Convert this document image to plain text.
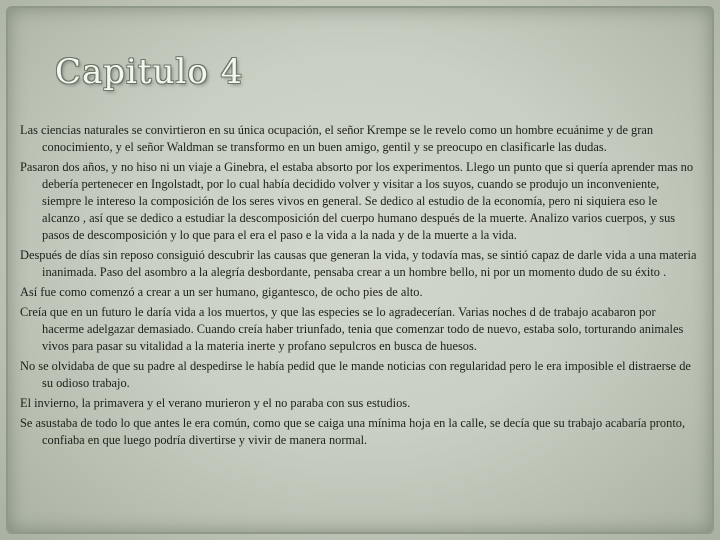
Capitulo 4

Las ciencias naturales se convirtieron en su única ocupación, el señor Krempe se le revelo como un hombre ecuánime y de gran conocimiento, y el señor Waldman se transformo en un buen amigo, gentil y se preocupo en clasificarle las dudas.

Pasaron dos años, y no hiso ni un viaje a Ginebra, el estaba absorto por los experimentos. Llego un punto que si quería aprender mas no debería pertenecer en Ingolstadt, por lo cual había decidido volver y visitar a los suyos, cuando se produjo un inconveniente, siempre le intereso la composición de los seres vivos en general. Se dedico al estudio de la economía, pero ni siquiera eso le alcanzo , así que se dedico a estudiar la descomposición del cuerpo humano después de la muerte. Analizo varios cuerpos, y sus pasos de descomposición y lo que para el era el paso e la vida a la nada y de la muerte a la vida.

Después de días sin reposo consiguió descubrir las causas que generan la vida, y todavía mas, se sintió capaz de darle vida a una materia inanimada. Paso del asombro a la alegría desbordante, pensaba crear a un hombre bello, ni por un momento dudo de su éxito .

Así fue como comenzó a crear a un ser humano, gigantesco, de ocho pies de alto.

Creía que en un futuro le daría vida a los muertos, y que las especies se lo agradecerían. Varias noches d de trabajo acabaron por hacerme adelgazar demasiado. Cuando creía haber triunfado, tenia que comenzar todo de nuevo, estaba solo, torturando animales vivos para pasar su vitalidad a la materia inerte y profano sepulcros en busca de huesos.

No se olvidaba de que su padre al despedirse le había pedid que le mande noticias con regularidad pero le era imposible el distraerse de su odioso trabajo.

El invierno, la primavera y el verano murieron y el no paraba con sus estudios.

Se asustaba de todo lo que antes le era común, como que se caiga una mínima hoja en la calle, se decía que su trabajo acabaría pronto, confiaba en que luego podría divertirse y vivir de manera normal.
